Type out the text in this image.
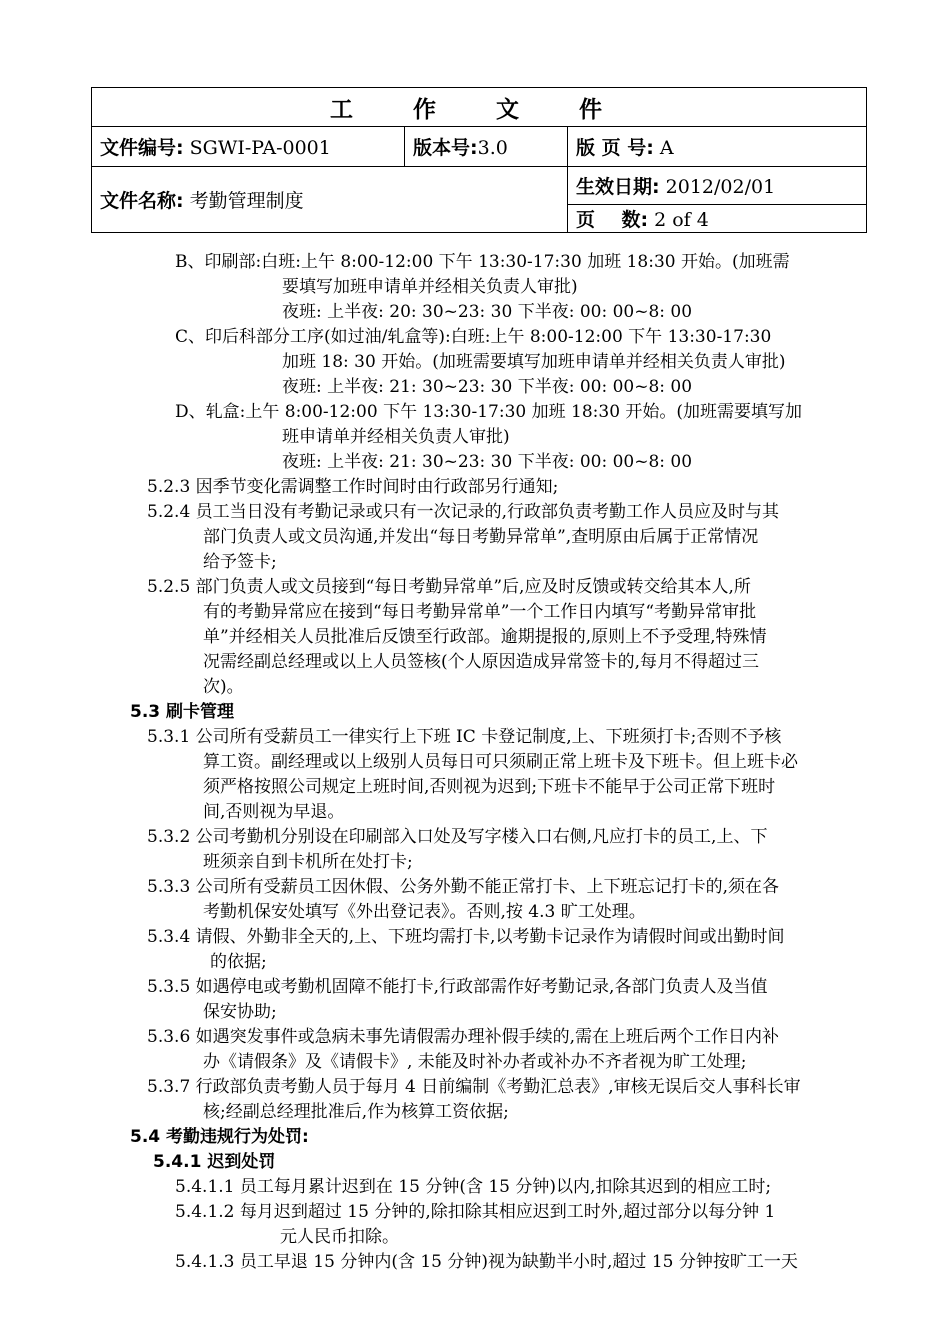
工 作 文 件		
文件编号: SGWI-PA-0001	版本号:3.0	版 页 号: A
文件名称: 考勤管理制度		生效日期: 2012/02/01
		页    数: 2 of 4
B、印刷部:白班:上午 8:00-12:00 下午 13:30-17:30 加班 18:30 开始。(加班需
要填写加班申请单并经相关负责人审批)
夜班: 上半夜: 20: 30~23: 30 下半夜: 00: 00~8: 00
C、印后科部分工序(如过油/轧盒等):白班:上午 8:00-12:00 下午 13:30-17:30
加班 18: 30 开始。(加班需要填写加班申请单并经相关负责人审批)
夜班: 上半夜: 21: 30~23: 30 下半夜: 00: 00~8: 00
D、轧盒:上午 8:00-12:00 下午 13:30-17:30 加班 18:30 开始。(加班需要填写加
班申请单并经相关负责人审批)
夜班: 上半夜: 21: 30~23: 30 下半夜: 00: 00~8: 00
5.2.3 因季节变化需调整工作时间时由行政部另行通知;
5.2.4 员工当日没有考勤记录或只有一次记录的,行政部负责考勤工作人员应及时与其
部门负责人或文员沟通,并发出“每日考勤异常单”,查明原由后属于正常情况
给予签卡;
5.2.5 部门负责人或文员接到“每日考勤异常单”后,应及时反馈或转交给其本人,所
有的考勤异常应在接到“每日考勤异常单”一个工作日内填写“考勤异常审批
单”并经相关人员批准后反馈至行政部。逾期提报的,原则上不予受理,特殊情
况需经副总经理或以上人员签核(个人原因造成异常签卡的,每月不得超过三
次)。
5.3 刷卡管理
5.3.1 公司所有受薪员工一律实行上下班 IC 卡登记制度,上、下班须打卡;否则不予核
算工资。副经理或以上级别人员每日可只须刷正常上班卡及下班卡。但上班卡必
须严格按照公司规定上班时间,否则视为迟到;下班卡不能早于公司正常下班时
间,否则视为早退。
5.3.2 公司考勤机分别设在印刷部入口处及写字楼入口右侧,凡应打卡的员工,上、下
班须亲自到卡机所在处打卡;
5.3.3 公司所有受薪员工因休假、公务外勤不能正常打卡、上下班忘记打卡的,须在各
考勤机保安处填写《外出登记表》。否则,按 4.3 旷工处理。
5.3.4 请假、外勤非全天的,上、下班均需打卡,以考勤卡记录作为请假时间或出勤时间
的依据;
5.3.5 如遇停电或考勤机固障不能打卡,行政部需作好考勤记录,各部门负责人及当值
保安协助;
5.3.6 如遇突发事件或急病未事先请假需办理补假手续的,需在上班后两个工作日内补
办《请假条》及《请假卡》, 未能及时补办者或补办不齐者视为旷工处理;
5.3.7 行政部负责考勤人员于每月 4 日前编制《考勤汇总表》,审核无误后交人事科长审
核;经副总经理批准后,作为核算工资依据;
5.4 考勤违规行为处罚:
5.4.1 迟到处罚
5.4.1.1 员工每月累计迟到在 15 分钟(含 15 分钟)以内,扣除其迟到的相应工时;
5.4.1.2 每月迟到超过 15 分钟的,除扣除其相应迟到工时外,超过部分以每分钟 1
元人民币扣除。
5.4.1.3 员工早退 15 分钟内(含 15 分钟)视为缺勤半小时,超过 15 分钟按旷工一天
